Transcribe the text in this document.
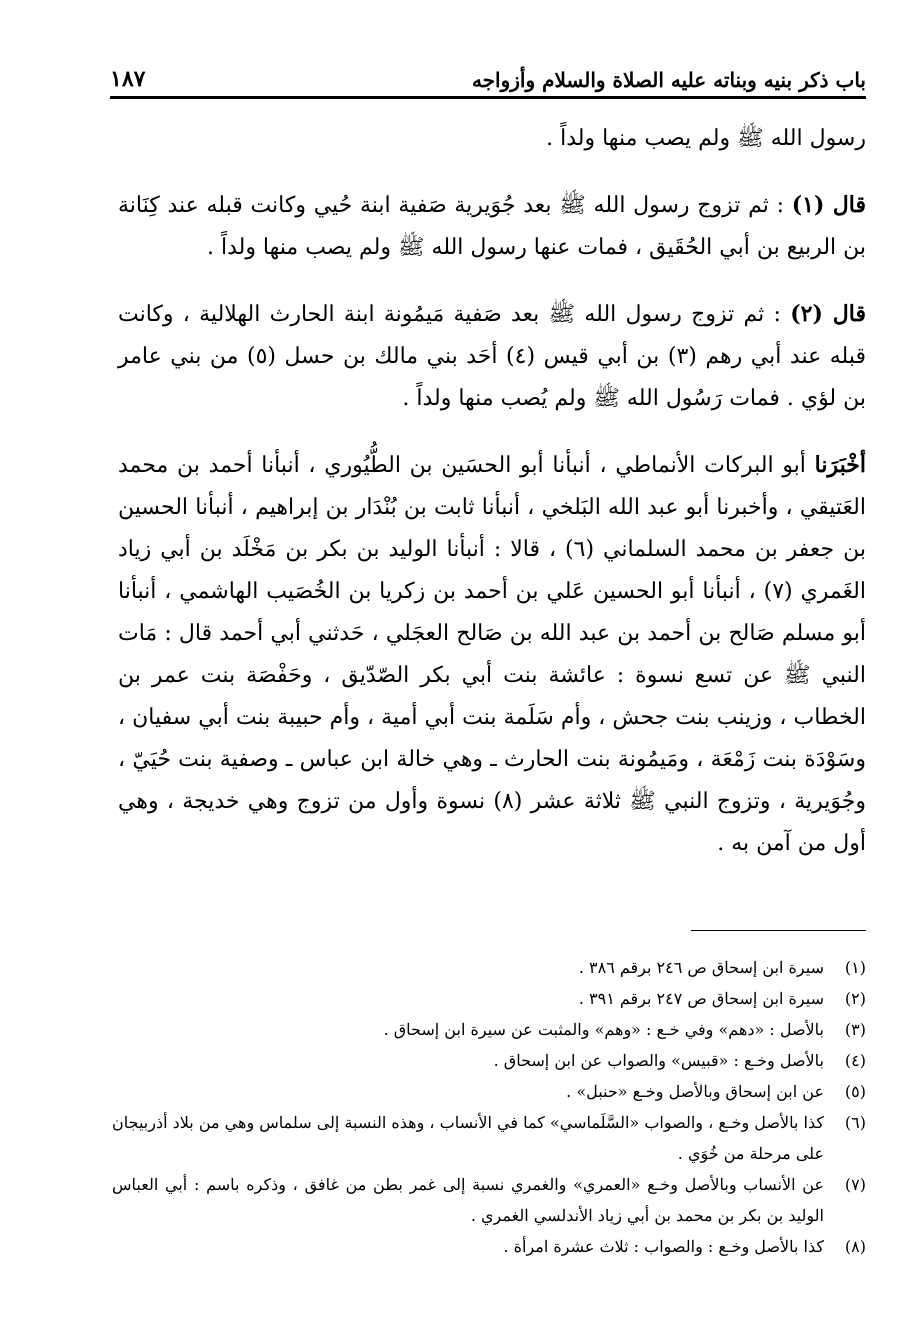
باب ذكر بنيه وبناته عليه الصلاة والسلام وأزواجه
١٨٧

رسول الله ﷺ ولم يصب منها ولداً .

قال (١) : ثم تزوج رسول الله ﷺ بعد جُوَيرية صَفية ابنة حُيي وكانت قبله عند كِنَانة بن الربيع بن أبي الحُقَيق ، فمات عنها رسول الله ﷺ ولم يصب منها ولداً .

قال (٢) : ثم تزوج رسول الله ﷺ بعد صَفية مَيمُونة ابنة الحارث الهلالية ، وكانت قبله عند أبي رهم (٣) بن أبي قيس (٤) أحَد بني مالك بن حسل (٥) من بني عامر بن لؤي . فمات رَسُول الله ﷺ ولم يُصب منها ولداً .

أخْبَرَنا أبو البركات الأنماطي ، أنبأنا أبو الحسَين بن الطُّيُوري ، أنبأنا أحمد بن محمد العَتيقي ، وأخبرنا أبو عبد الله البَلخي ، أنبأنا ثابت بن بُنْدَار بن إبراهيم ، أنبأنا الحسين بن جعفر بن محمد السلماني (٦) ، قالا : أنبأنا الوليد بن بكر بن مَخْلَد بن أبي زياد الغَمري (٧) ، أنبأنا أبو الحسين عَلي بن أحمد بن زكريا بن الخُصَيب الهاشمي ، أنبأنا أبو مسلم صَالح بن أحمد بن عبد الله بن صَالح العجَلي ، حَدثني أبي أحمد قال : مَات النبي ﷺ عن تسع نسوة : عائشة بنت أبي بكر الصّدّيق ، وحَفْصَة بنت عمر بن الخطاب ، وزينب بنت جحش ، وأم سَلَمة بنت أبي أمية ، وأم حبيبة بنت أبي سفيان ، وسَوْدَة بنت زَمْعَة ، ومَيمُونة بنت الحارث ـ وهي خالة ابن عباس ـ وصفية بنت حُيَيّ ، وجُوَيرية ، وتزوج النبي ﷺ ثلاثة عشر (٨) نسوة وأول من تزوج وهي خديجة ، وهي أول من آمن به .

(١)
سيرة ابن إسحاق ص ٢٤٦ برقم ٣٨٦ .
(٢)
سيرة ابن إسحاق ص ٢٤٧ برقم ٣٩١ .
(٣)
بالأصل : «دهم» وفي خـع : «وهم» والمثبت عن سيرة ابن إسحاق .
(٤)
بالأصل وخـع : «قبيس» والصواب عن ابن إسحاق .
(٥)
عن ابن إسحاق وبالأصل وخـع «حنبل» .
(٦)
كذا بالأصل وخـع ، والصواب «السَّلَماسي» كما في الأنساب ، وهذه النسبة إلى سلماس وهي من بلاد أذربيجان على مرحلة من خُوَي .
(٧)
عن الأنساب وبالأصل وخـع «العمري» والغمري نسبة إلى غمر بطن من غافق ، وذكره باسم : أبي العباس الوليد بن بكر بن محمد بن أبي زياد الأندلسي الغمري .
(٨)
كذا بالأصل وخـع : والصواب : ثلاث عشرة امرأة .
